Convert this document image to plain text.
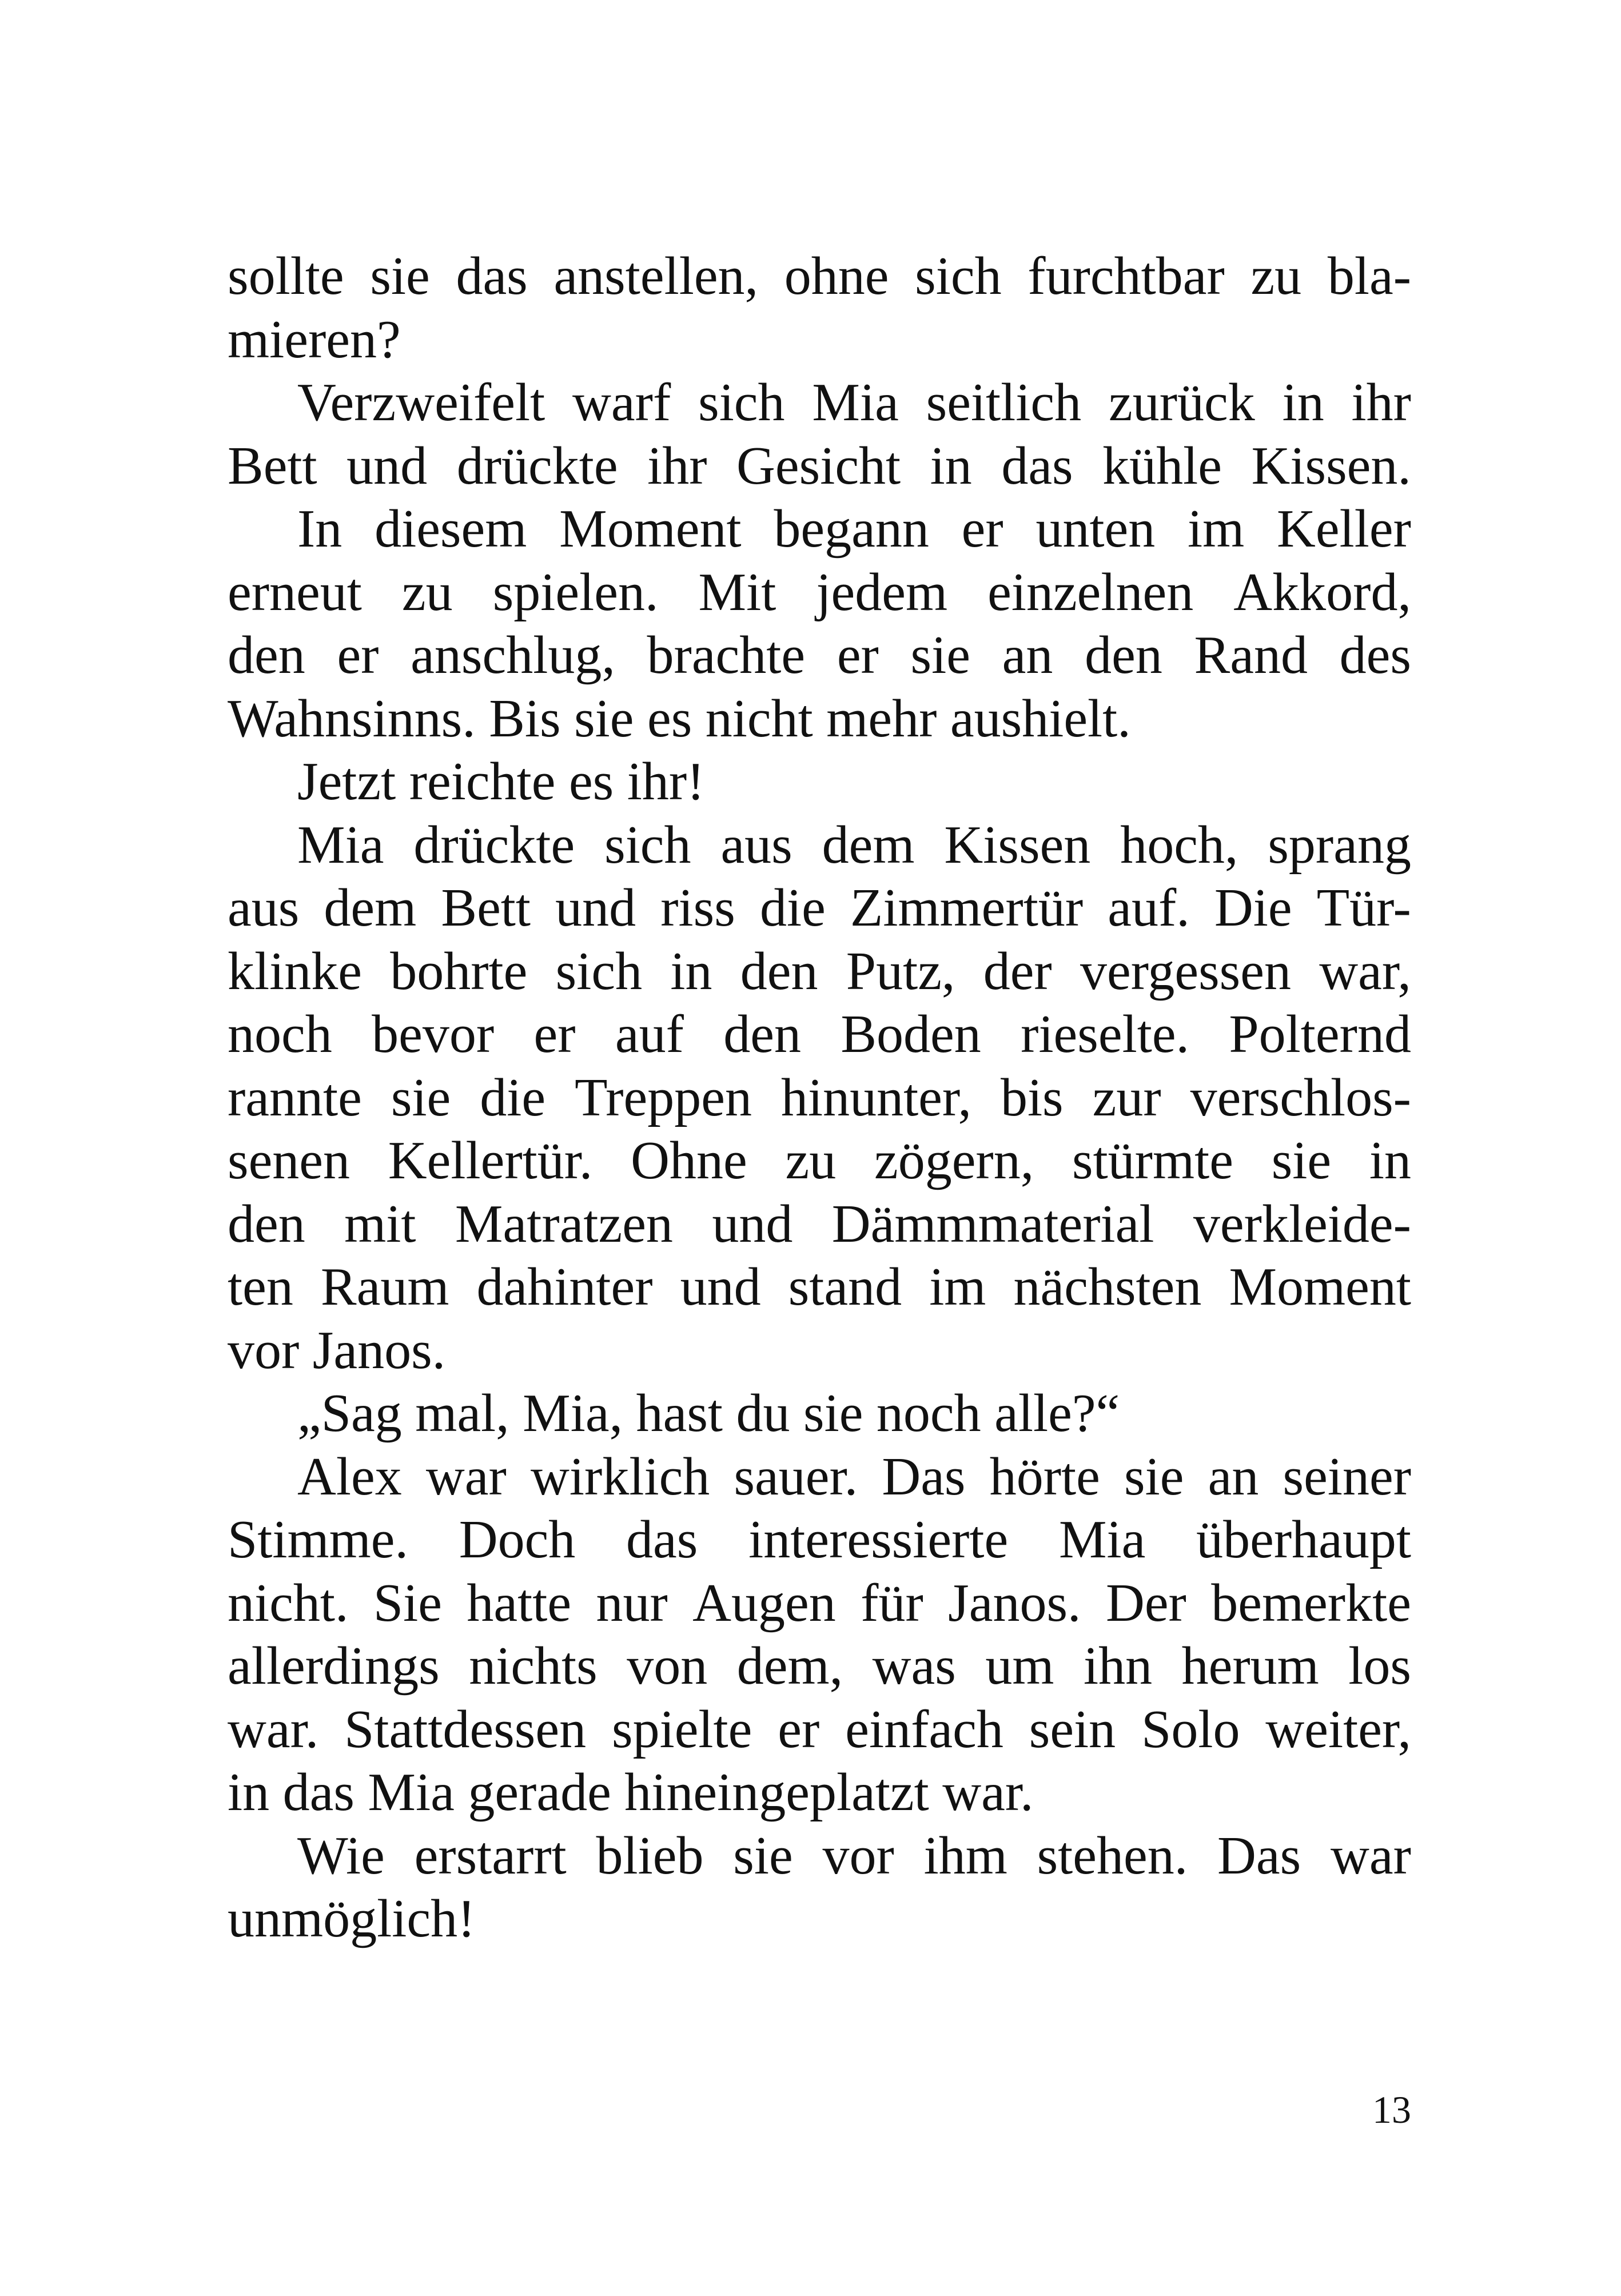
sollte sie das anstellen, ohne sich furchtbar zu bla-
mieren?
Verzweifelt warf sich Mia seitlich zurück in ihr
Bett und drückte ihr Gesicht in das kühle Kissen.
In diesem Moment begann er unten im Keller
erneut zu spielen. Mit jedem einzelnen Akkord,
den er anschlug, brachte er sie an den Rand des
Wahnsinns. Bis sie es nicht mehr aushielt.
Jetzt reichte es ihr!
Mia drückte sich aus dem Kissen hoch, sprang
aus dem Bett und riss die Zimmertür auf. Die Tür-
klinke bohrte sich in den Putz, der vergessen war,
noch bevor er auf den Boden rieselte. Polternd
rannte sie die Treppen hinunter, bis zur verschlos-
senen Kellertür. Ohne zu zögern, stürmte sie in
den mit Matratzen und Dämmmaterial verkleide-
ten Raum dahinter und stand im nächsten Moment
vor Janos.
„Sag mal, Mia, hast du sie noch alle?“
Alex war wirklich sauer. Das hörte sie an seiner
Stimme. Doch das interessierte Mia überhaupt
nicht. Sie hatte nur Augen für Janos. Der bemerkte
allerdings nichts von dem, was um ihn herum los
war. Stattdessen spielte er einfach sein Solo weiter,
in das Mia gerade hineingeplatzt war.
Wie erstarrt blieb sie vor ihm stehen. Das war
unmöglich!
13
